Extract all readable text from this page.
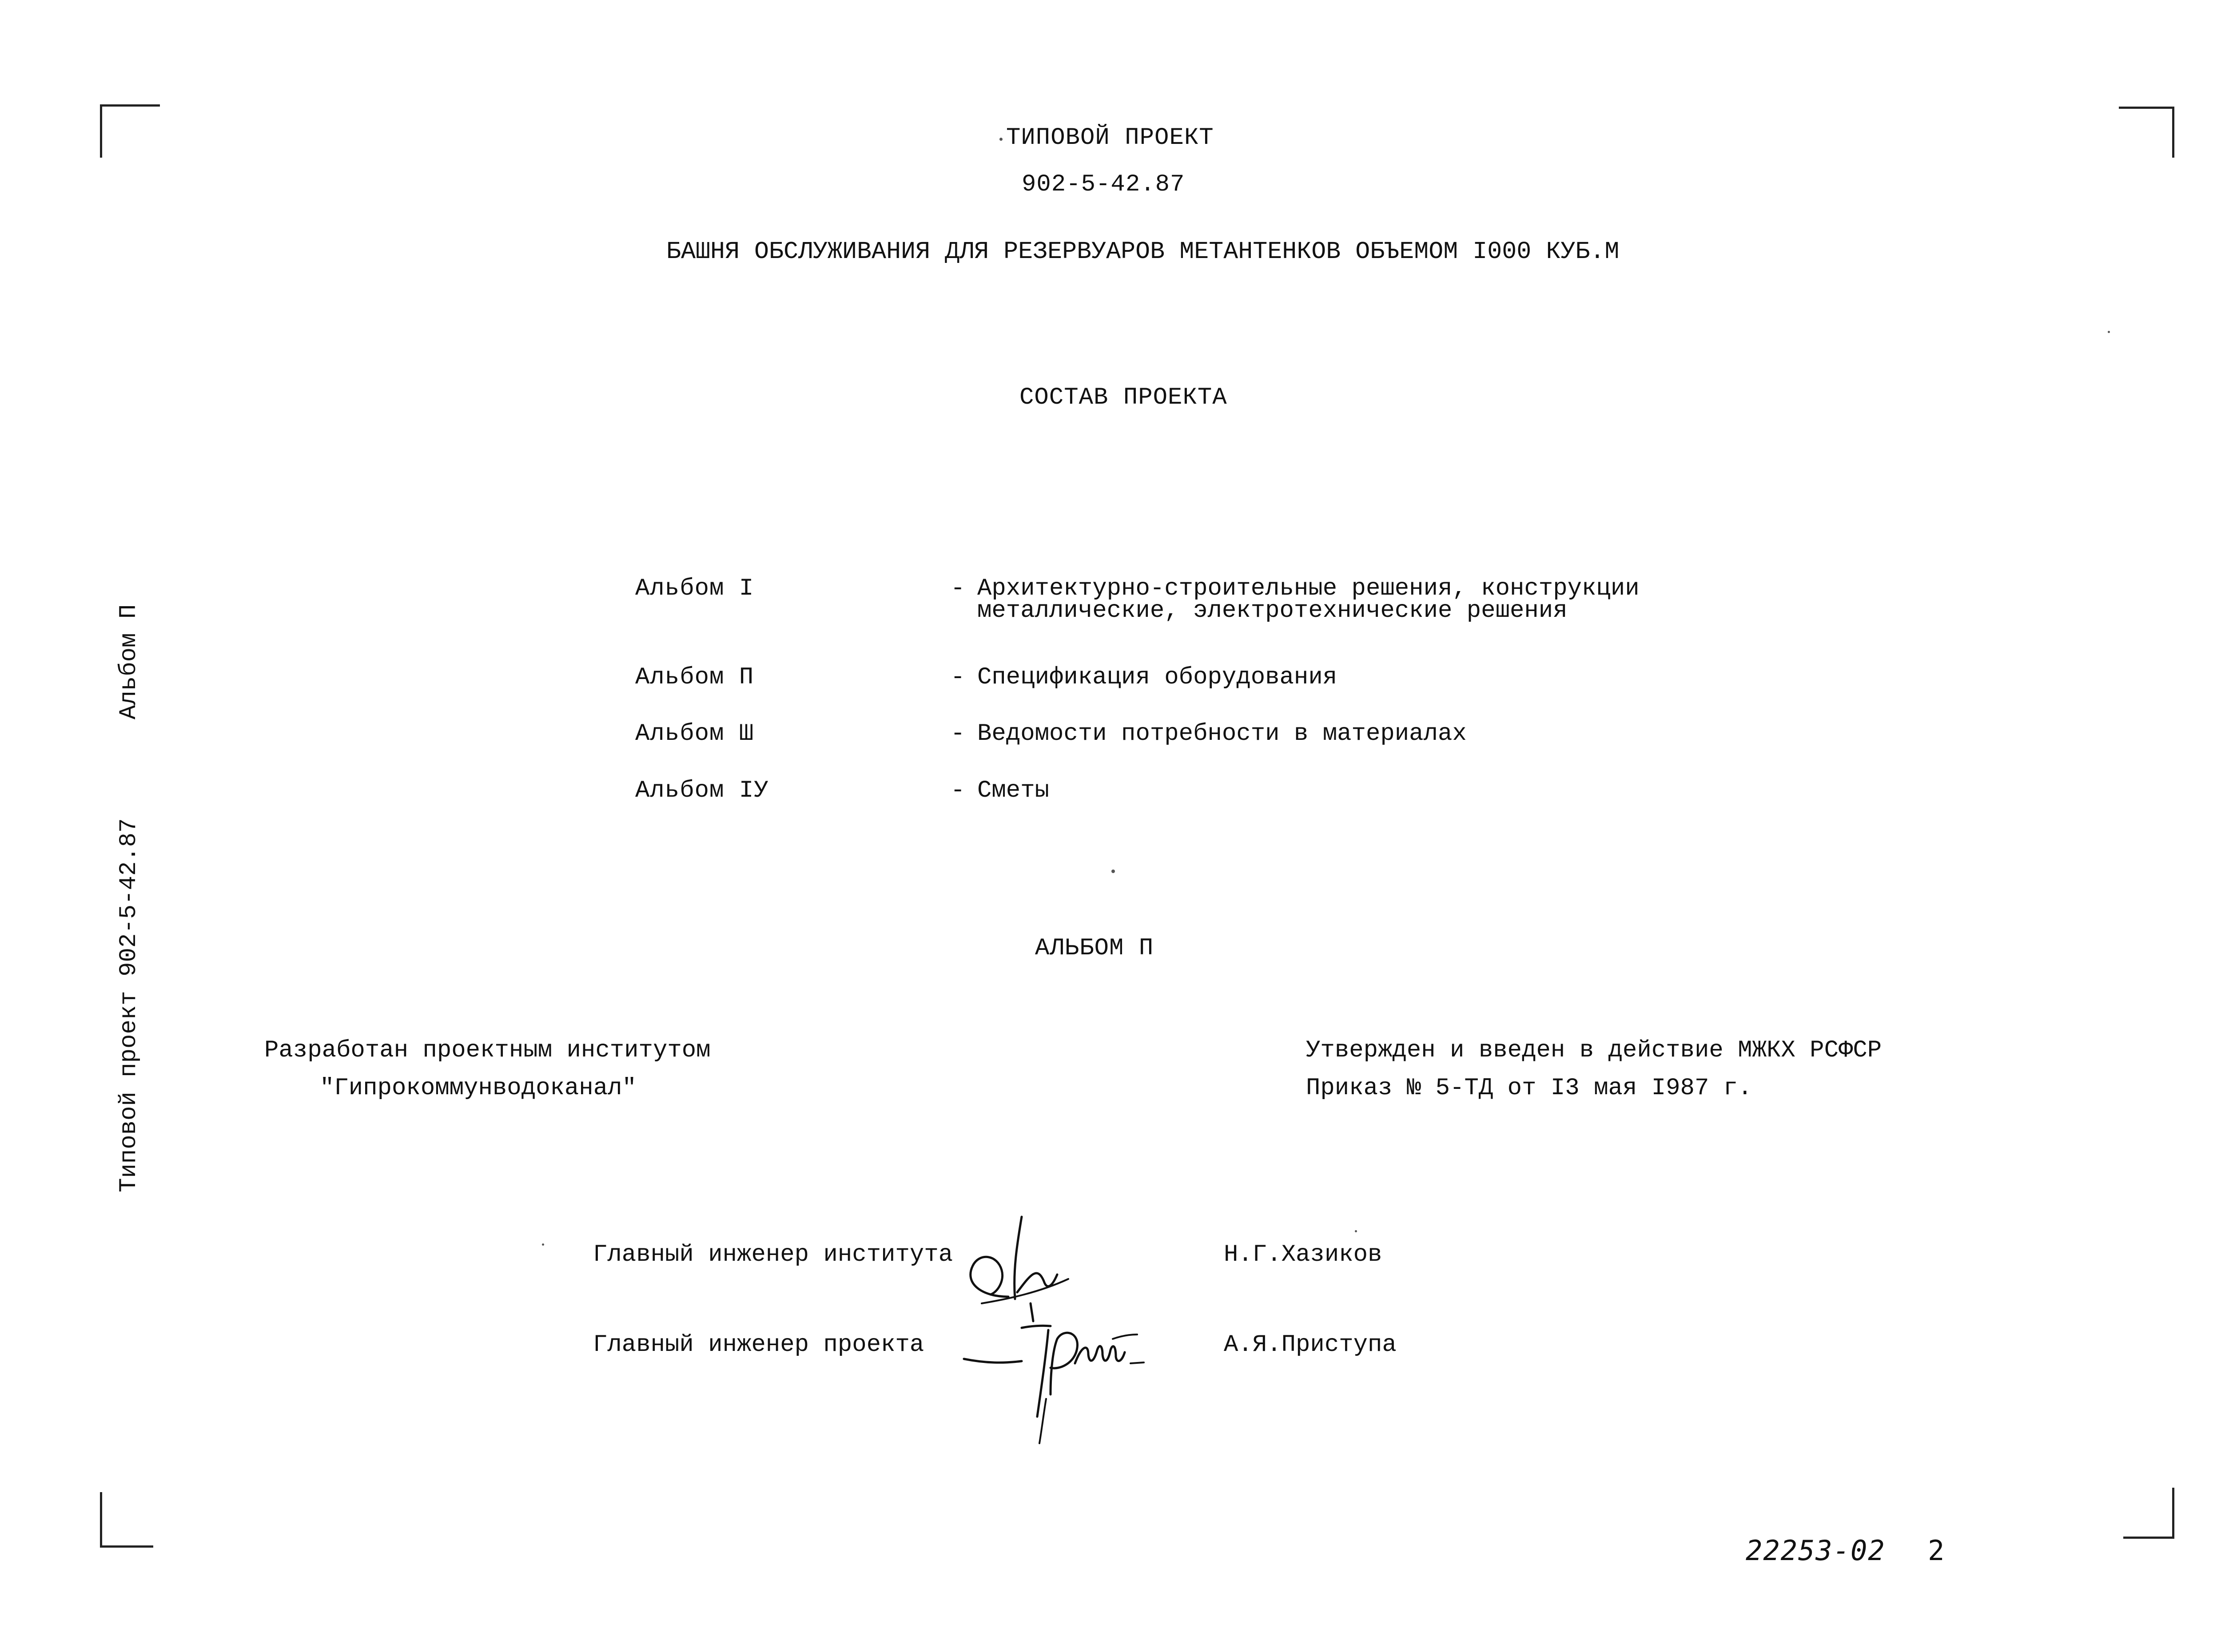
ТИПОВОЙ ПРОЕКТ
902-5-42.87
БАШНЯ ОБСЛУЖИВАНИЯ ДЛЯ РЕЗЕРВУАРОВ МЕТАНТЕНКОВ ОБЪЕМОМ I000 КУБ.М
СОСТАВ ПРОЕКТА
Альбом I	- Архитектурно-строительные решения, конструкции
металлические, электротехнические решения
Альбом П	- Спецификация оборудования
Альбом Ш	- Ведомости потребности в материалах
Альбом IУ	- Сметы
АЛЬБОМ П
Разработан проектным институтом
"Гипрокоммунводоканал"
Утвержден и введен в действие МЖКХ РСФСР
Приказ № 5-ТД от I3 мая I987 г.
Главный инженер института	Н.Г.Хазиков
Главный инженер проекта	А.Я.Приступа
Альбом П
Типовой проект 902-5-42.87
22253-02 2
